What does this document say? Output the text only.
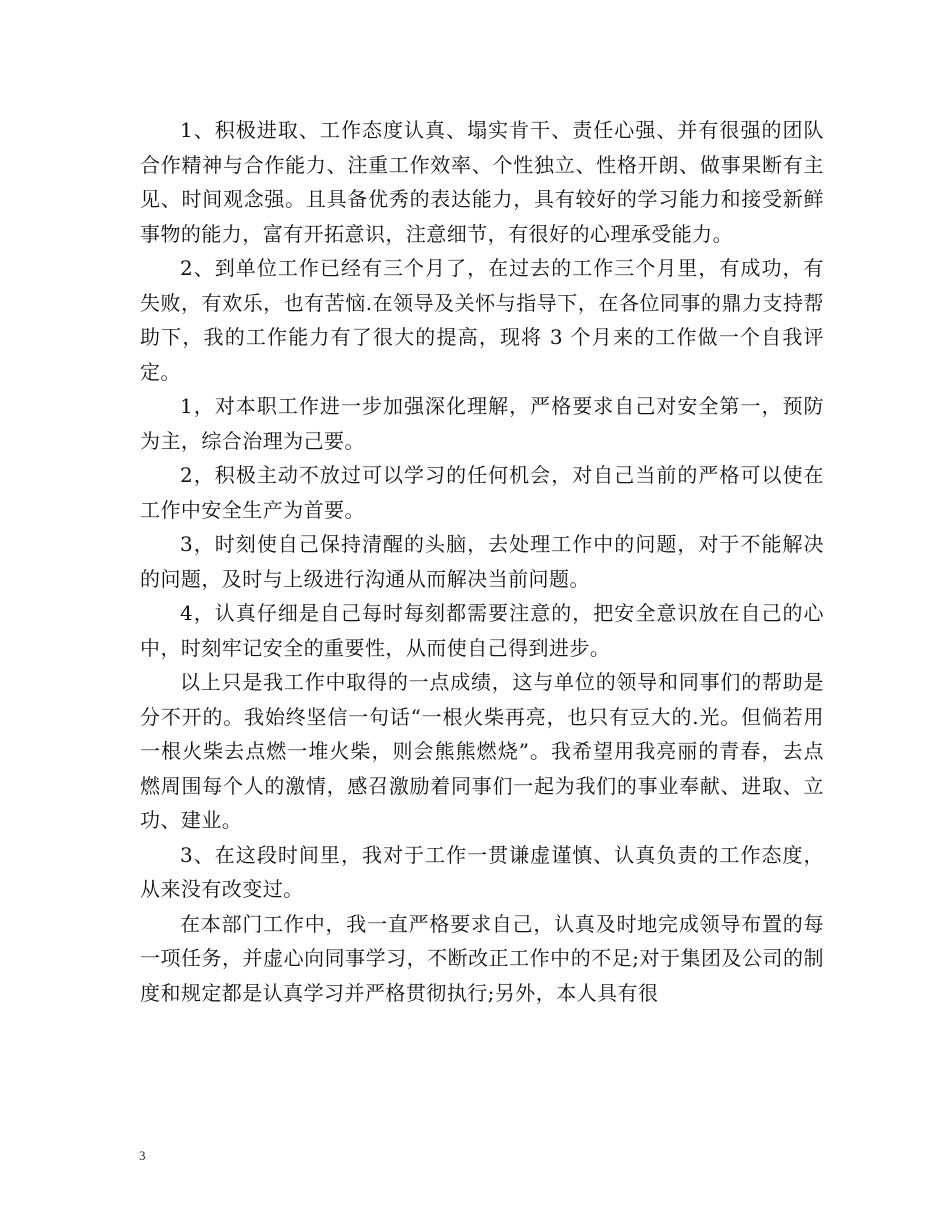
1、积极进取、工作态度认真、塌实肯干、责任心强、并有很强的团队合作精神与合作能力、注重工作效率、个性独立、性格开朗、做事果断有主见、时间观念强。且具备优秀的表达能力，具有较好的学习能力和接受新鲜事物的能力，富有开拓意识，注意细节，有很好的心理承受能力。

2、到单位工作已经有三个月了，在过去的工作三个月里，有成功，有失败，有欢乐，也有苦恼.在领导及关怀与指导下，在各位同事的鼎力支持帮助下，我的工作能力有了很大的提高，现将 3 个月来的工作做一个自我评定。

1，对本职工作进一步加强深化理解，严格要求自己对安全第一，预防为主，综合治理为己要。

2，积极主动不放过可以学习的任何机会，对自己当前的严格可以使在工作中安全生产为首要。

3，时刻使自己保持清醒的头脑，去处理工作中的问题，对于不能解决的问题，及时与上级进行沟通从而解决当前问题。

4，认真仔细是自己每时每刻都需要注意的，把安全意识放在自己的心中，时刻牢记安全的重要性，从而使自己得到进步。

以上只是我工作中取得的一点成绩，这与单位的领导和同事们的帮助是分不开的。我始终坚信一句话“一根火柴再亮，也只有豆大的.光。但倘若用一根火柴去点燃一堆火柴，则会熊熊燃烧”。我希望用我亮丽的青春，去点燃周围每个人的激情，感召激励着同事们一起为我们的事业奉献、进取、立功、建业。

3、在这段时间里，我对于工作一贯谦虚谨慎、认真负责的工作态度，从来没有改变过。

在本部门工作中，我一直严格要求自己，认真及时地完成领导布置的每一项任务，并虚心向同事学习，不断改正工作中的不足;对于集团及公司的制度和规定都是认真学习并严格贯彻执行;另外，本人具有很

3
